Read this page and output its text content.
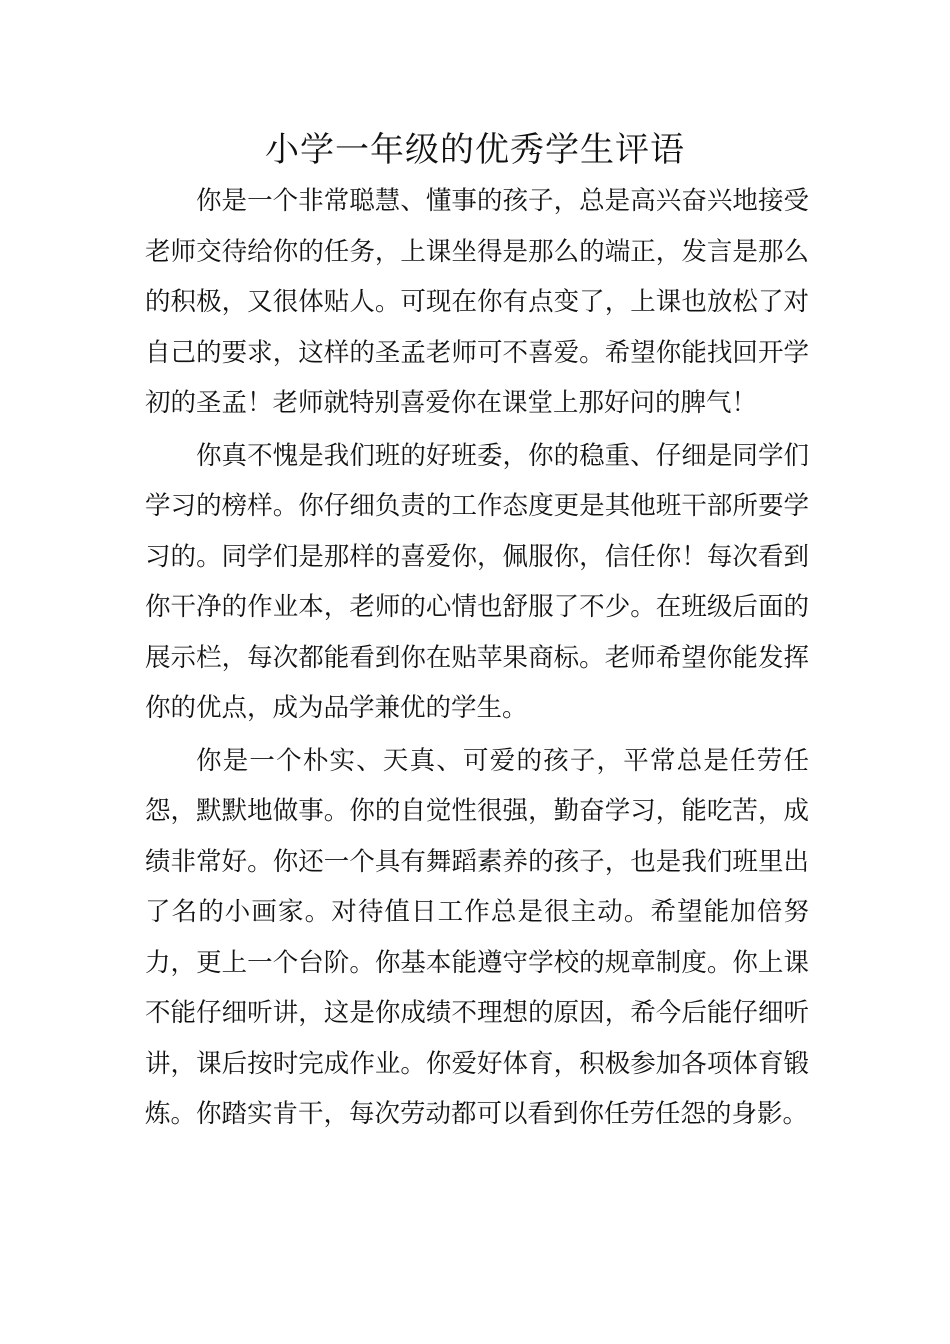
小学一年级的优秀学生评语

你是一个非常聪慧、懂事的孩子，总是高兴奋兴地接受老师交待给你的任务，上课坐得是那么的端正，发言是那么的积极，又很体贴人。可现在你有点变了，上课也放松了对自己的要求，这样的圣孟老师可不喜爱。希望你能找回开学初的圣孟！老师就特别喜爱你在课堂上那好问的脾气！

你真不愧是我们班的好班委，你的稳重、仔细是同学们学习的榜样。你仔细负责的工作态度更是其他班干部所要学习的。同学们是那样的喜爱你，佩服你，信任你！每次看到你干净的作业本，老师的心情也舒服了不少。在班级后面的展示栏，每次都能看到你在贴苹果商标。老师希望你能发挥你的优点，成为品学兼优的学生。

你是一个朴实、天真、可爱的孩子，平常总是任劳任怨，默默地做事。你的自觉性很强，勤奋学习，能吃苦，成绩非常好。你还一个具有舞蹈素养的孩子，也是我们班里出了名的小画家。对待值日工作总是很主动。希望能加倍努力，更上一个台阶。你基本能遵守学校的规章制度。你上课不能仔细听讲，这是你成绩不理想的原因，希今后能仔细听讲，课后按时完成作业。你爱好体育，积极参加各项体育锻炼。你踏实肯干，每次劳动都可以看到你任劳任怨的身影。
